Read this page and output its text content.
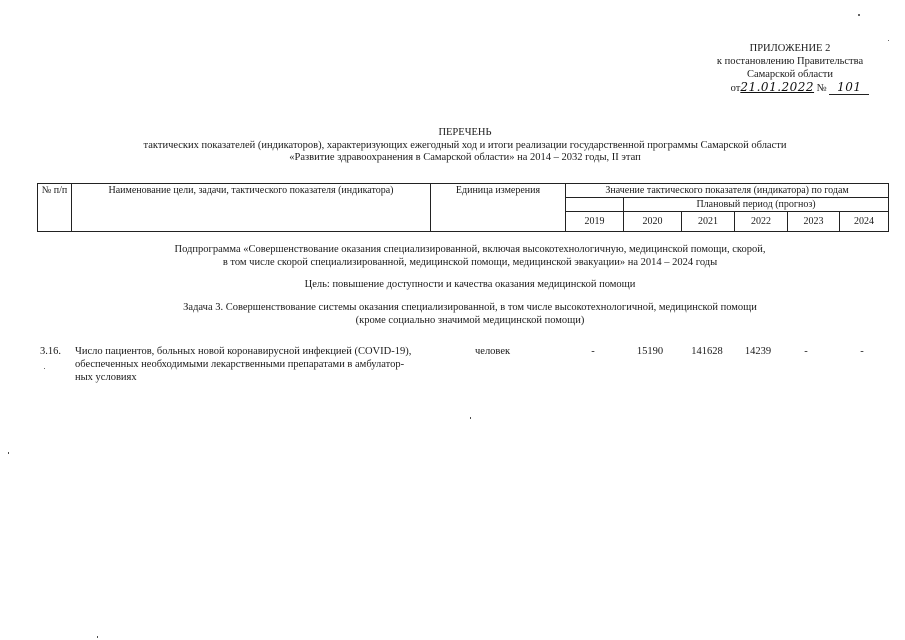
ПРИЛОЖЕНИЕ 2
к постановлению Правительства
Самарской области
от21.01.2022 № 101
ПЕРЕЧЕНЬ
тактических показателей (индикаторов), характеризующих ежегодный ход и итоги реализации государственной программы Самарской области
«Развитие здравоохранения в Самарской области» на 2014 – 2032 годы, II этап
№ п/п	Наименование цели, задачи, тактического показателя (индикатора)	Единица измерения	Значение тактического показателя (индикатора) по годам					
				Плановый период (прогноз)				
			2019	2020	2021	2022	2023	2024
Подпрограмма «Совершенствование оказания специализированной, включая высокотехнологичную, медицинской помощи, скорой,
в том числе скорой специализированной, медицинской помощи, медицинской эвакуации» на 2014 – 2024 годы
Цель: повышение доступности и качества оказания медицинской помощи
Задача 3. Совершенствование системы оказания специализированной, в том числе высокотехнологичной, медицинской помощи
(кроме социально значимой медицинской помощи)
3.16. Число пациентов, больных новой коронавирусной инфекцией (COVID-19),
обеспеченных необходимыми лекарственными препаратами в амбулатор-
ных условиях
человек	-	15190	141628	14239	-	-
